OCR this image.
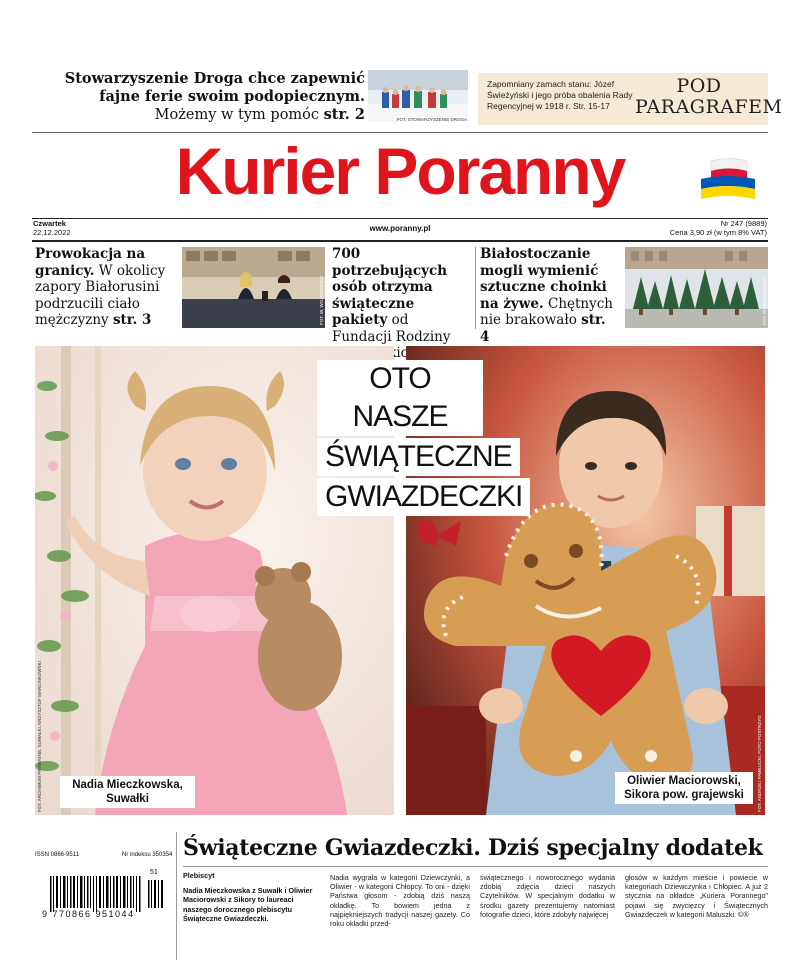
Stowarzyszenie Droga chce zapewnić fajne ferie swoim podopiecznym. Możemy w tym pomóc str. 2	FOT. STOWARZYSZENIE DROGA
Zapomniany zamach stanu: Józef Świeżyński i jego próba obalenia Rady Regencyjnej w 1918 r. Str. 15-17
POD
PARAGRAFEM
Kurier Poranny
Czwartek
22.12.2022	www.poranny.pl
Nr 247 (9889)
Cena 3,90 zł (w tym 8% VAT)
Prowokacja na granicy. W okolicy zapory Białorusini podrzucili ciało mężczyzny str. 3	FOT. W. WOJTKIEWICZ
700 potrzebujących osób otrzyma świąteczne pakiety od Fundacji Rodziny
Białostoczanie mogli wymienić sztuczne choinki na żywe. Chętnych nie brakowało str. 4
FOT. W. WOJTKIEWICZ
FOT. ARCHIWUM PRYWATNE, SUWAŁKI, KRZYSZTOF MARCINKOWSKI	FOT. ANDRZEJ PAWŁUCKI, FOTO POSTRZYG
OTO NASZE
ŚWIĄTECZNE
GWIAZDECZKI
Nadia Mieczkowska,
Suwałki
Oliwier Maciorowski,
Sikora pow. grajewski
ISSN 0866-9511	Nr indeksu 350354
9 770866 951044
51
Świąteczne Gwiazdeczki. Dziś specjalny dodatek
Plebiscyt
Nadia Mieczkowska z Suwałk i Oliwier Maciorowski z Sikory to laureaci naszego dorocznego plebiscytu Świąteczne Gwiazdeczki.
Nadia wygrała w kategorii Dziewczynki, a Oliwier - w kategorii Chłopcy. To oni - dzięki Państwa głosom - zdobią dziś naszą okładkę. To bowiem jedna z najpiękniejszych tradycji naszej gazety. Co roku okładki przed-
świątecznego i noworocznego wydania zdobią zdjęcia dzieci naszych Czytelników. W specjalnym dodatku w środku gazety prezentujemy natomiast fotografie dzieci, które zdobyły najwięcej
głosów w każdym mieście i powiecie w kategoriach Dziewczynka i Chłopiec. A już 2 stycznia na okładce „Kuriera Porannego" pojawi się zwycięzcy i Świątecznych Gwiazdeczek w kategorii Maluszki. ©®
